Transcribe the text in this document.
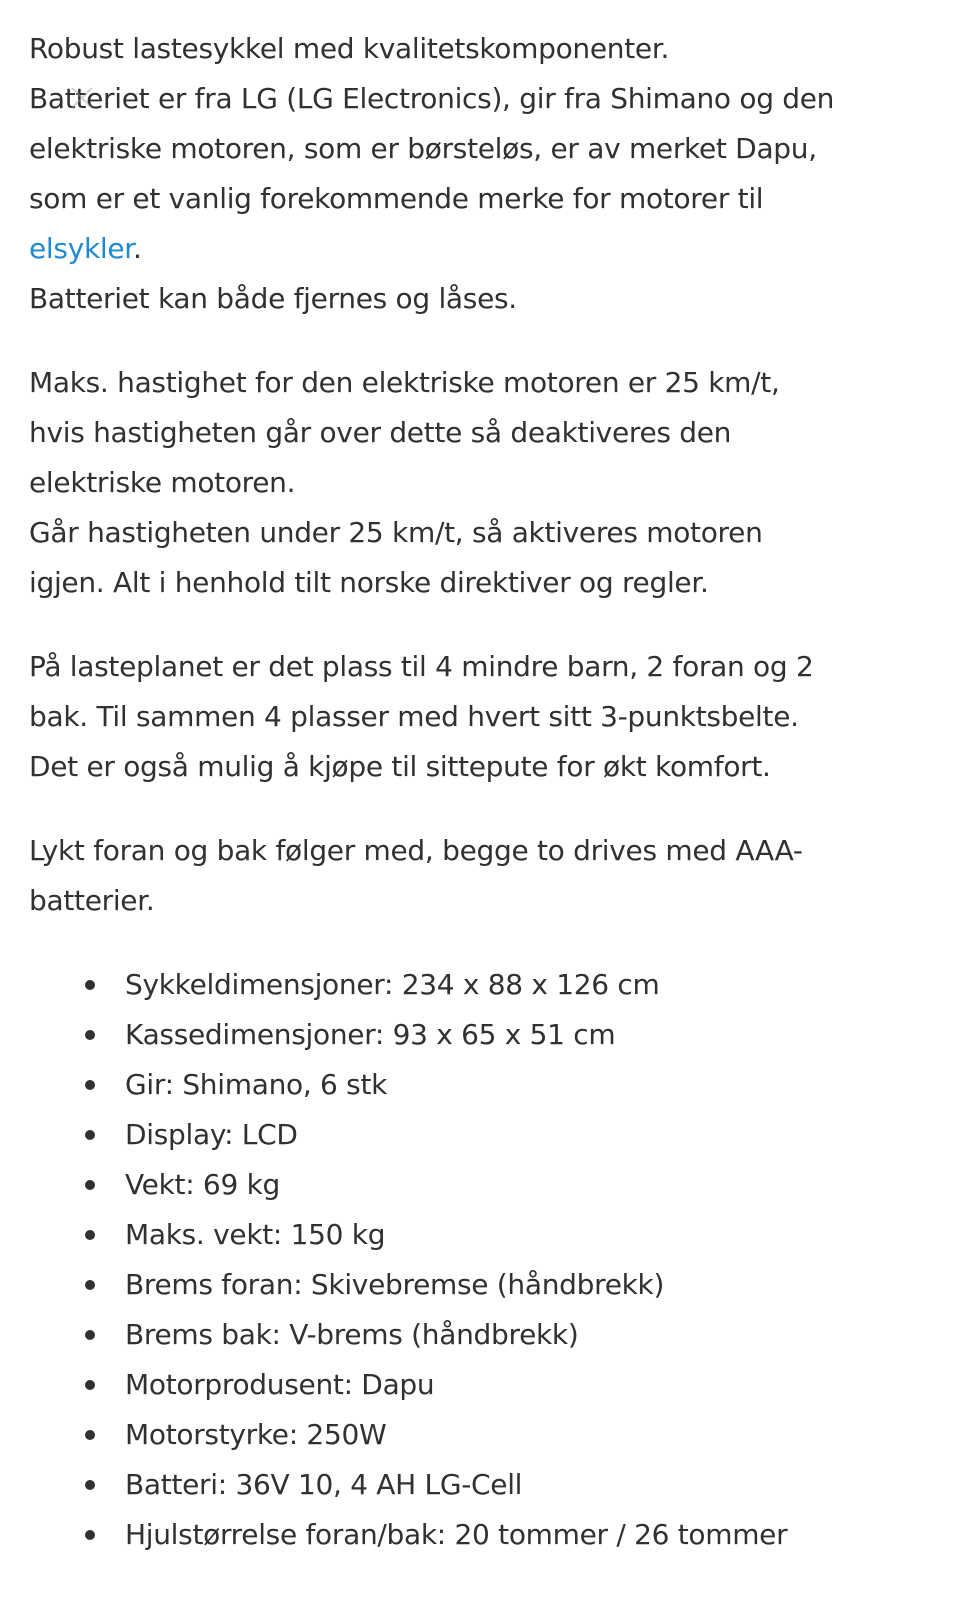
Robust lastesykkel med kvalitetskomponenter.
Batteriet er fra LG (LG Electronics), gir fra Shimano og den
elektriske motoren, som er børsteløs, er av merket Dapu,
som er et vanlig forekommende merke for motorer til
elsykler.
Batteriet kan både fjernes og låses.

Maks. hastighet for den elektriske motoren er 25 km/t,
hvis hastigheten går over dette så deaktiveres den
elektriske motoren.
Går hastigheten under 25 km/t, så aktiveres motoren
igjen. Alt i henhold tilt norske direktiver og regler.

På lasteplanet er det plass til 4 mindre barn, 2 foran og 2
bak. Til sammen 4 plasser med hvert sitt 3-punktsbelte.
Det er også mulig å kjøpe til sittepute for økt komfort.

Lykt foran og bak følger med, begge to drives med AAA-
batterier.

Sykkeldimensjoner: 234 x 88 x 126 cm
Kassedimensjoner: 93 x 65 x 51 cm
Gir: Shimano, 6 stk
Display: LCD
Vekt: 69 kg
Maks. vekt: 150 kg
Brems foran: Skivebremse (håndbrekk)
Brems bak: V-brems (håndbrekk)
Motorprodusent: Dapu
Motorstyrke: 250W
Batteri: 36V 10, 4 AH LG-Cell
Hjulstørrelse foran/bak: 20 tommer / 26 tommer
